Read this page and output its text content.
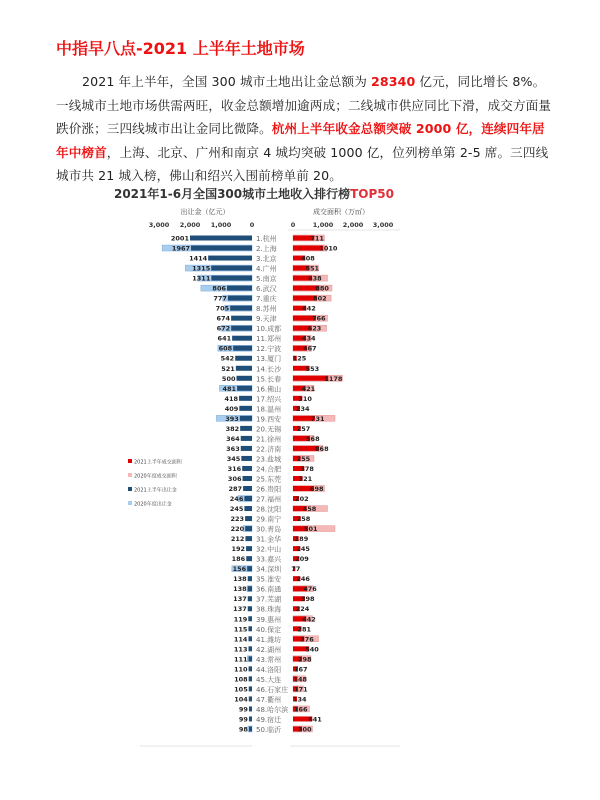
中指早八点-2021 上半年土地市场
2021 年上半年，全国 300 城市土地出让金总额为 28340 亿元，同比增长 8%。一线城市土地市场供需两旺，收金总额增加逾两成；二线城市供应同比下滑，成交方面量跌价涨；三四线城市出让金同比微降。杭州上半年收金总额突破 2000 亿，连续四年居年中榜首，上海、北京、广州和南京 4 城均突破 1000 亿，位列榜单第 2-5 席。三四线城市共 21 城入榜，佛山和绍兴入围前榜单前 20。
2021年1-6月全国300城市土地收入排行榜TOP50
出让金（亿元）	成交面积（万㎡）
3,000 2,000 1,000	0	0	1,000 2,000 3,000
2001	1.杭州	711
1967	2.上海	1010
1414	3.北京	408
1315	4.广州	551
1311	5.南京	638
806	6.武汉	880
777	7.重庆	802
705	8.苏州	442
674	9.天津	766
672	10.成都	623
641	11.郑州	434
608	12.宁波	467
542	13.厦门 125
521	14.长沙	553
500	15.长春	1178
481	16.佛山	421
418	17.绍兴	310
409	18.温州 234
393 19.西安	731
382 20.无锡 257
364 21.徐州	568
363 22.济南	868
345 23.盐城 255
316 24.合肥	378
306 25.东莞	321
287 26.贵阳	698
246 27.福州 202
245 28.沈阳	458
223 29.南宁 258
220 30.青岛	501
212 31.金华 189
192 32.中山 245
186 33.嘉兴 209
156 34.深圳 77
138 35.淮安 246
138 36.南通	476
137 37.芜湖	398
137 38.珠海 224
119 39.惠州	442
115 40.保定	281
114 41.潍坊	376
113 42.湖州	540
111 43.常州	298
110 44.洛阳 167
108 45.大连 148
105 46.石家庄 171
104 47.衢州 134
99 48.哈尔滨 166
99 49.宿迁	641
98 50.临沂	300
2021上半年成交面积
2020年度成交面积
2021上半年出让金
2020年度出让金
